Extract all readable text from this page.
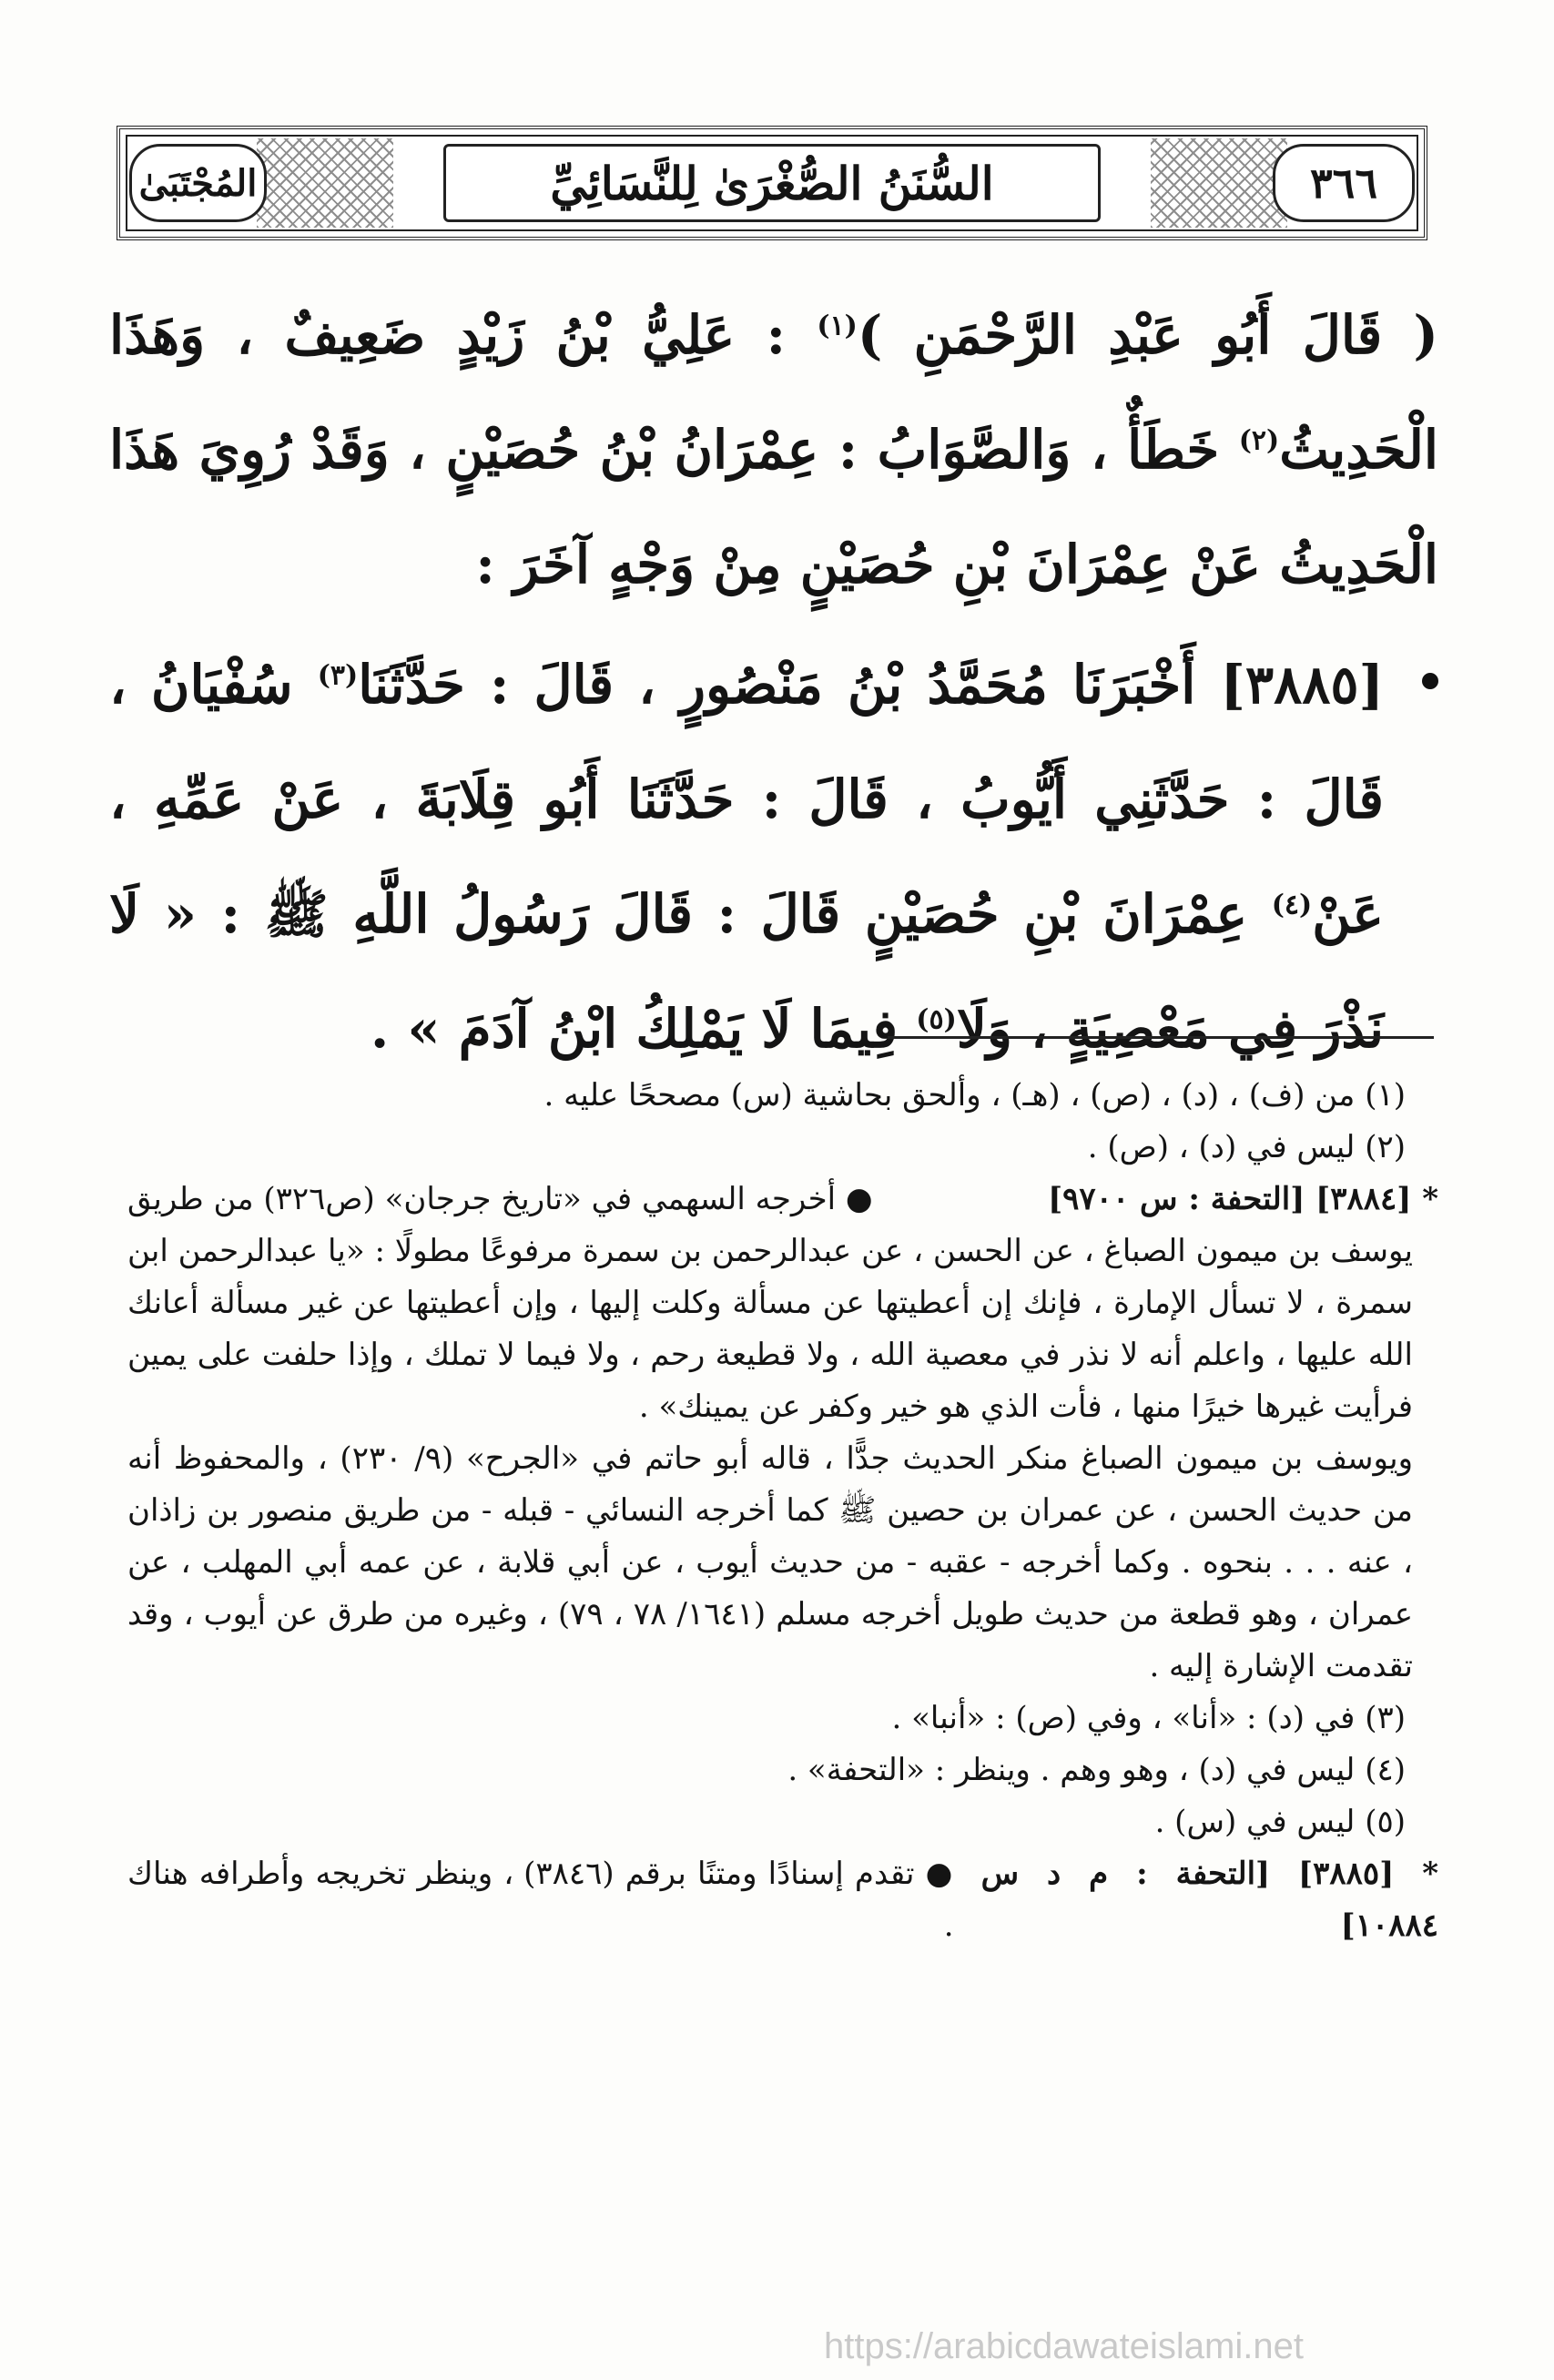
المُجْتَبَىٰ	السُّنَنُ الصُّغْرَىٰ لِلنَّسَائِيِّ	٣٦٦

( قَالَ أَبُو عَبْدِ الرَّحْمَنِ )$^{(١)}$ : عَلِيُّ بْنُ زَيْدٍ ضَعِيفٌ ، وَهَذَا الْحَدِيثُ$^{(٢)}$ خَطَأٌ ، وَالصَّوَابُ : عِمْرَانُ بْنُ حُصَيْنٍ ، وَقَدْ رُوِيَ هَذَا الْحَدِيثُ عَنْ عِمْرَانَ بْنِ حُصَيْنٍ مِنْ وَجْهٍ آخَرَ :

[٣٨٨٥] أَخْبَرَنَا مُحَمَّدُ بْنُ مَنْصُورٍ ، قَالَ : حَدَّثَنَا$^{(٣)}$ سُفْيَانُ ، قَالَ : حَدَّثَنِي أَيُّوبُ ، قَالَ : حَدَّثَنَا أَبُو قِلَابَةَ ، عَنْ عَمِّهِ ، عَنْ$^{(٤)}$ عِمْرَانَ بْنِ حُصَيْنٍ قَالَ : قَالَ رَسُولُ اللَّهِ ﷺ : « لَا نَذْرَ فِي مَعْصِيَةٍ ، وَلَا$^{(٥)}$ فِيمَا لَا يَمْلِكُ ابْنُ آدَمَ » .

(١) من (ف) ، (د) ، (ص) ، (هـ) ، وألحق بحاشية (س) مصححًا عليه .

(٢) ليس في (د) ، (ص) .

* [٣٨٨٤] [التحفة : س ٩٧٠٠]
● أخرجه السهمي في «تاريخ جرجان» (ص٣٢٦) من طريق

يوسف بن ميمون الصباغ ، عن الحسن ، عن عبدالرحمن بن سمرة مرفوعًا مطولًا : «يا عبدالرحمن ابن سمرة ، لا تسأل الإمارة ، فإنك إن أعطيتها عن مسألة وكلت إليها ، وإن أعطيتها عن غير مسألة أعانك الله عليها ، واعلم أنه لا نذر في معصية الله ، ولا قطيعة رحم ، ولا فيما لا تملك ، وإذا حلفت على يمين فرأيت غيرها خيرًا منها ، فأت الذي هو خير وكفر عن يمينك» .

ويوسف بن ميمون الصباغ منكر الحديث جدًّا ، قاله أبو حاتم في «الجرح» (٩/ ٢٣٠) ، والمحفوظ أنه من حديث الحسن ، عن عمران بن حصين ﷺ كما أخرجه النسائي - قبله - من طريق منصور بن زاذان ، عنه . . . بنحوه . وكما أخرجه - عقبه - من حديث أيوب ، عن أبي قلابة ، عن عمه أبي المهلب ، عن عمران ، وهو قطعة من حديث طويل أخرجه مسلم (١٦٤١/ ٧٨ ، ٧٩) ، وغيره من طرق عن أيوب ، وقد تقدمت الإشارة إليه .

(٣) في (د) : «أنا» ، وفي (ص) : «أنبا» .

(٤) ليس في (د) ، وهو وهم . وينظر : «التحفة» .

(٥) ليس في (س) .

* [٣٨٨٥] [التحفة : م د س ١٠٨٨٤]
● تقدم إسنادًا ومتنًا برقم (٣٨٤٦) ، وينظر تخريجه وأطرافه هناك .
https://arabicdawateislami.net
